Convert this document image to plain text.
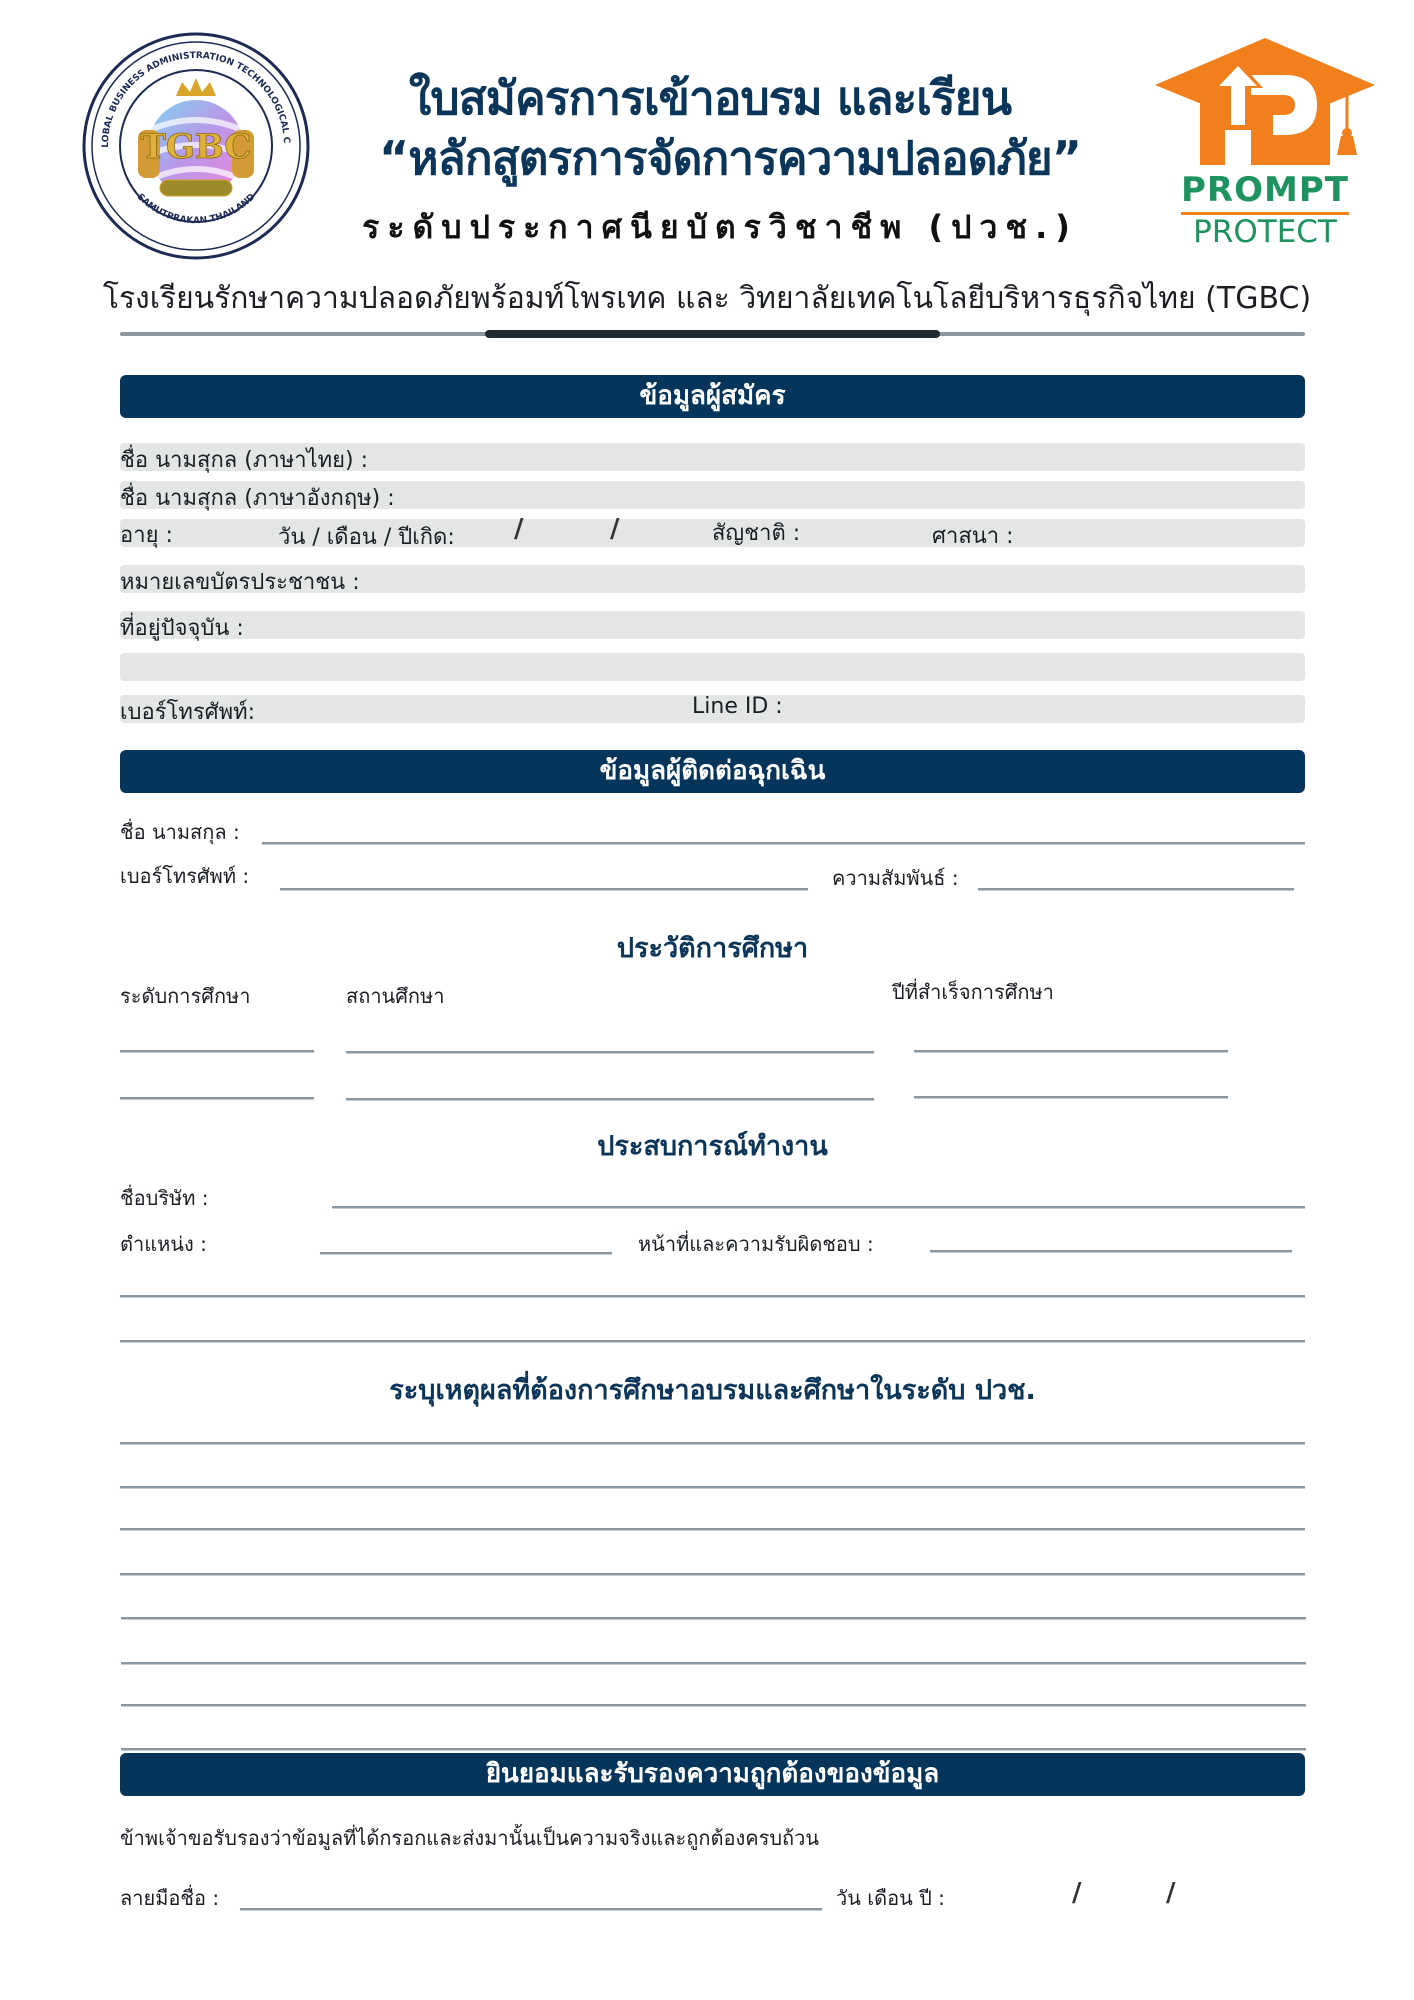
LOBAL BUSINESS ADMINISTRATION TECHNOLOGICAL C
SAMUTPRAKAN THAILAND
TGBC
ใบสมัครการเข้าอบรม และเรียน
“หลักสูตรการจัดการความปลอดภัย”
ระดับประกาศนียบัตรวิชาชีพ (ปวช.)
PROMPT
PROTECT
โรงเรียนรักษาความปลอดภัยพร้อมท์โพรเทค และ วิทยาลัยเทคโนโลยีบริหารธุรกิจไทย (TGBC)
ข้อมูลผู้สมัคร
ชื่อ นามสุกล (ภาษาไทย) :
ชื่อ นามสุกล (ภาษาอังกฤษ) :
อายุ :	วัน / เดือน / ปีเกิด: /	/	สัญชาติ :	ศาสนา :
หมายเลขบัตรประชาชน :
ที่อยู่ปัจจุบัน :
เบอร์โทรศัพท์:	Line ID :
ข้อมูลผู้ติดต่อฉุกเฉิน
ชื่อ นามสกุล :
เบอร์โทรศัพท์ :	ความสัมพันธ์ :
ประวัติการศึกษา
ระดับการศึกษา	สถานศึกษา	ปีที่สำเร็จการศึกษา
ประสบการณ์ทำงาน
ชื่อบริษัท :
ตำแหน่ง :	หน้าที่และความรับผิดชอบ :
ระบุเหตุผลที่ต้องการศึกษาอบรมและศึกษาในระดับ ปวช.
ยินยอมและรับรองความถูกต้องของข้อมูล
ข้าพเจ้าขอรับรองว่าข้อมูลที่ได้กรอกและส่งมานั้นเป็นความจริงและถูกต้องครบถ้วน
ลายมือชื่อ :	วัน เดือน ปี :	/	/
